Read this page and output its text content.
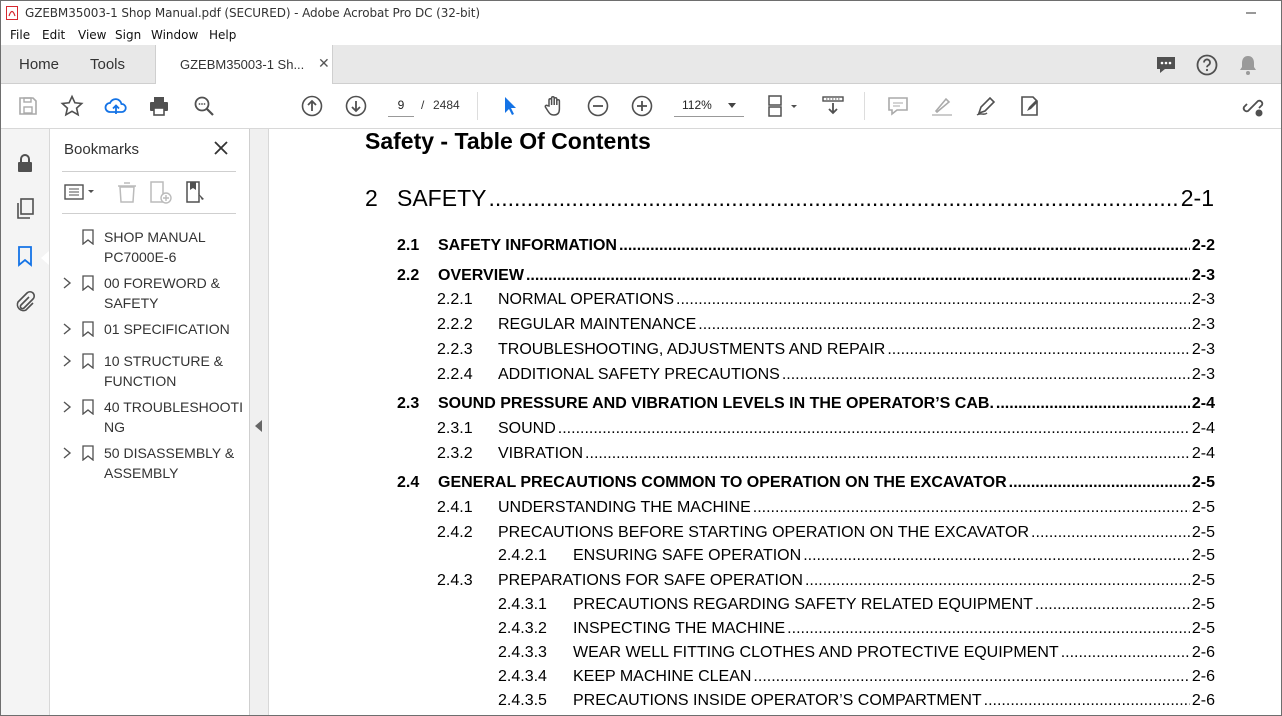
GZEBM35003-1 Shop Manual.pdf (SECURED) - Adobe Acrobat Pro DC (32-bit)
File Edit View Sign Window Help
Home Tools	GZEBM35003-1 Sh... ✕
9	/ 2484	112%
Bookmarks
SHOP MANUAL PC7000E-6
00 FOREWORD & SAFETY
01 SPECIFICATION
10 STRUCTURE & FUNCTION
40 TROUBLESHOOTING
50 DISASSEMBLY & ASSEMBLY
Safety - Table Of Contents
2 SAFETY .....	2-1
2.1	SAFETY INFORMATION .....	2-2
2.2	OVERVIEW .....	2-3
2.2.1	NORMAL OPERATIONS .....	2-3
2.2.2	REGULAR MAINTENANCE .....	2-3
2.2.3	TROUBLESHOOTING, ADJUSTMENTS AND REPAIR .....	2-3
2.2.4	ADDITIONAL SAFETY PRECAUTIONS .....	2-3
2.3	SOUND PRESSURE AND VIBRATION LEVELS IN THE OPERATOR’S CAB. .....	2-4
2.3.1	SOUND .....	2-4
2.3.2	VIBRATION .....	2-4
2.4	GENERAL PRECAUTIONS COMMON TO OPERATION ON THE EXCAVATOR .....	2-5
2.4.1	UNDERSTANDING THE MACHINE .....	2-5
2.4.2	PRECAUTIONS BEFORE STARTING OPERATION ON THE EXCAVATOR .....	2-5
2.4.2.1	ENSURING SAFE OPERATION .....	2-5
2.4.3	PREPARATIONS FOR SAFE OPERATION .....	2-5
2.4.3.1	PRECAUTIONS REGARDING SAFETY RELATED EQUIPMENT .....	2-5
2.4.3.2	INSPECTING THE MACHINE .....	2-5
2.4.3.3	WEAR WELL FITTING CLOTHES AND PROTECTIVE EQUIPMENT .....	2-6
2.4.3.4	KEEP MACHINE CLEAN .....	2-6
2.4.3.5	PRECAUTIONS INSIDE OPERATOR’S COMPARTMENT .....	2-6
